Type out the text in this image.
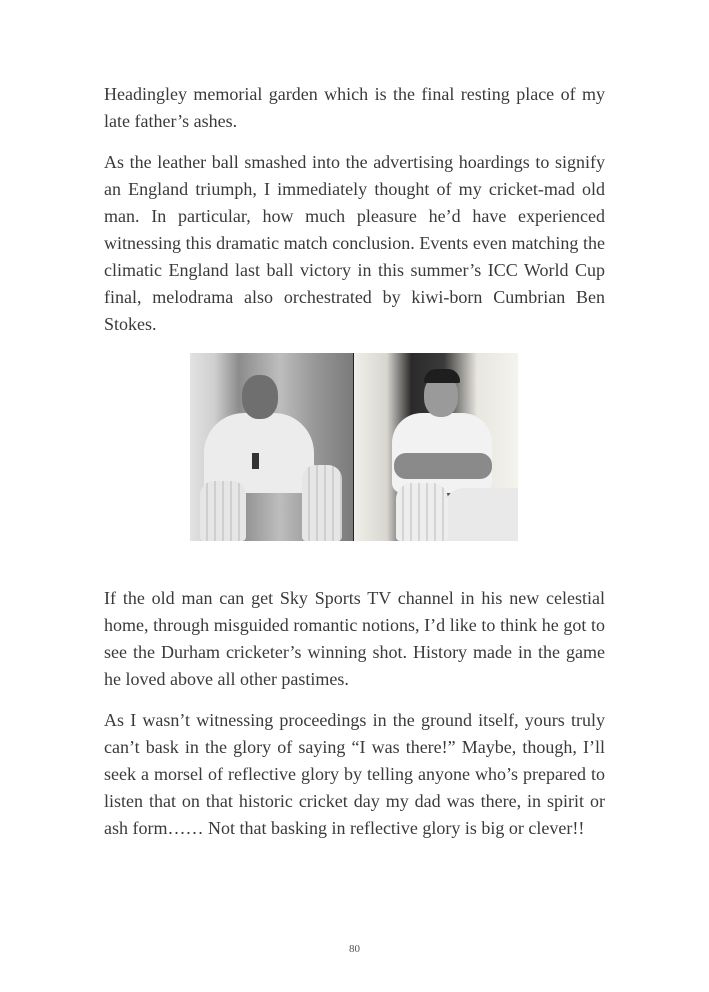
Headingley memorial garden which is the final resting place of my late father’s ashes.

As the leather ball smashed into the advertising hoardings to signify an England triumph, I immediately thought of my cricket-mad old man. In particular, how much pleasure he’d have experienced witnessing this dramatic match conclusion. Events even matching the climatic England last ball victory in this summer’s ICC World Cup final, melodrama also orchestrated by kiwi-born Cumbrian Ben Stokes.

If the old man can get Sky Sports TV channel in his new celestial home, through misguided romantic notions, I’d like to think he got to see the Durham cricketer’s winning shot. History made in the game he loved above all other pastimes.

As I wasn’t witnessing proceedings in the ground itself, yours truly can’t bask in the glory of saying “I was there!” Maybe, though, I’ll seek a morsel of reflective glory by telling anyone who’s prepared to listen that on that historic cricket day my dad was there, in spirit or ash form…… Not that basking in reflective glory is big or clever!!

80
